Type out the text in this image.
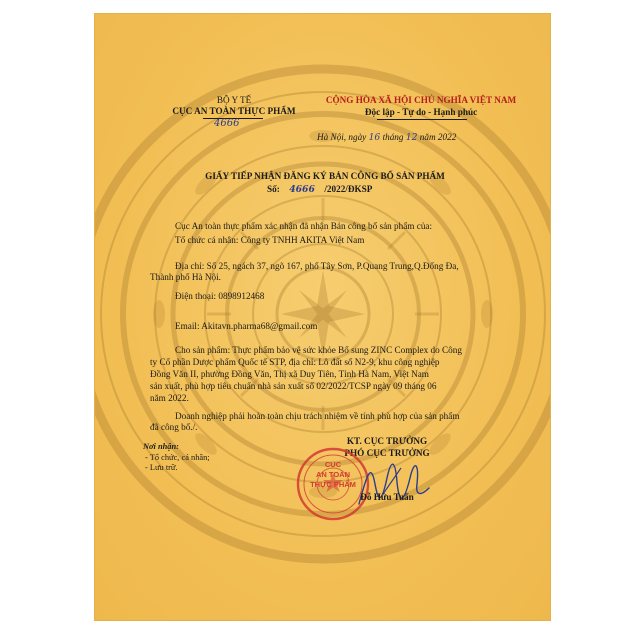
BỘ Y TẾ
CỤC AN TOÀN THỰC PHẨM
4666
CỘNG HÒA XÃ HỘI CHỦ NGHĨA VIỆT NAM
Độc lập - Tự do - Hạnh phúc
Hà Nội, ngày 16 tháng 12 năm 2022
GIẤY TIẾP NHẬN ĐĂNG KÝ BẢN CÔNG BỐ SẢN PHẨM
Số: 4666 /2022/ĐKSP
Cục An toàn thực phẩm xác nhận đã nhận Bản công bố sản phẩm của:
Tổ chức cá nhân: Công ty TNHH AKITA Việt Nam
Địa chỉ: Số 25, ngách 37, ngõ 167, phố Tây Sơn, P.Quang Trung,Q.Đống Đa,
Thành phố Hà Nội.
Điện thoại: 0898912468
Email: Akitavn.pharma68@gmail.com
Cho sản phẩm: Thực phẩm bảo vệ sức khỏe Bổ sung ZINC Complex do Công
ty Cổ phần Dược phẩm Quốc tế STP, địa chỉ: Lô đất số N2-9, khu công nghiệp
Đồng Văn II, phường Đồng Văn, Thị xã Duy Tiên, Tỉnh Hà Nam, Việt Nam
sản xuất, phù hợp tiêu chuẩn nhà sản xuất số 02/2022/TCSP ngày 09 tháng 06
năm 2022.
Doanh nghiệp phải hoàn toàn chịu trách nhiệm về tính phù hợp của sản phẩm
đã công bố./.
Nơi nhận:
- Tổ chức, cá nhân;
- Lưu trữ.
KT. CỤC TRƯỞNG
PHÓ CỤC TRƯỞNG
CỤC
AN TOÀN
THỰC PHẨM
Đỗ Hữu Tuấn
